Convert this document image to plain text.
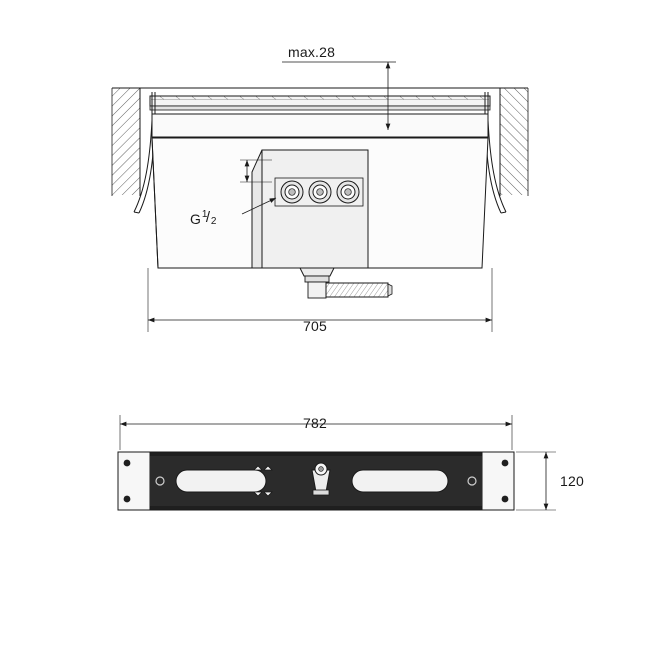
max.28
705
G 1
/ 2
782
120
